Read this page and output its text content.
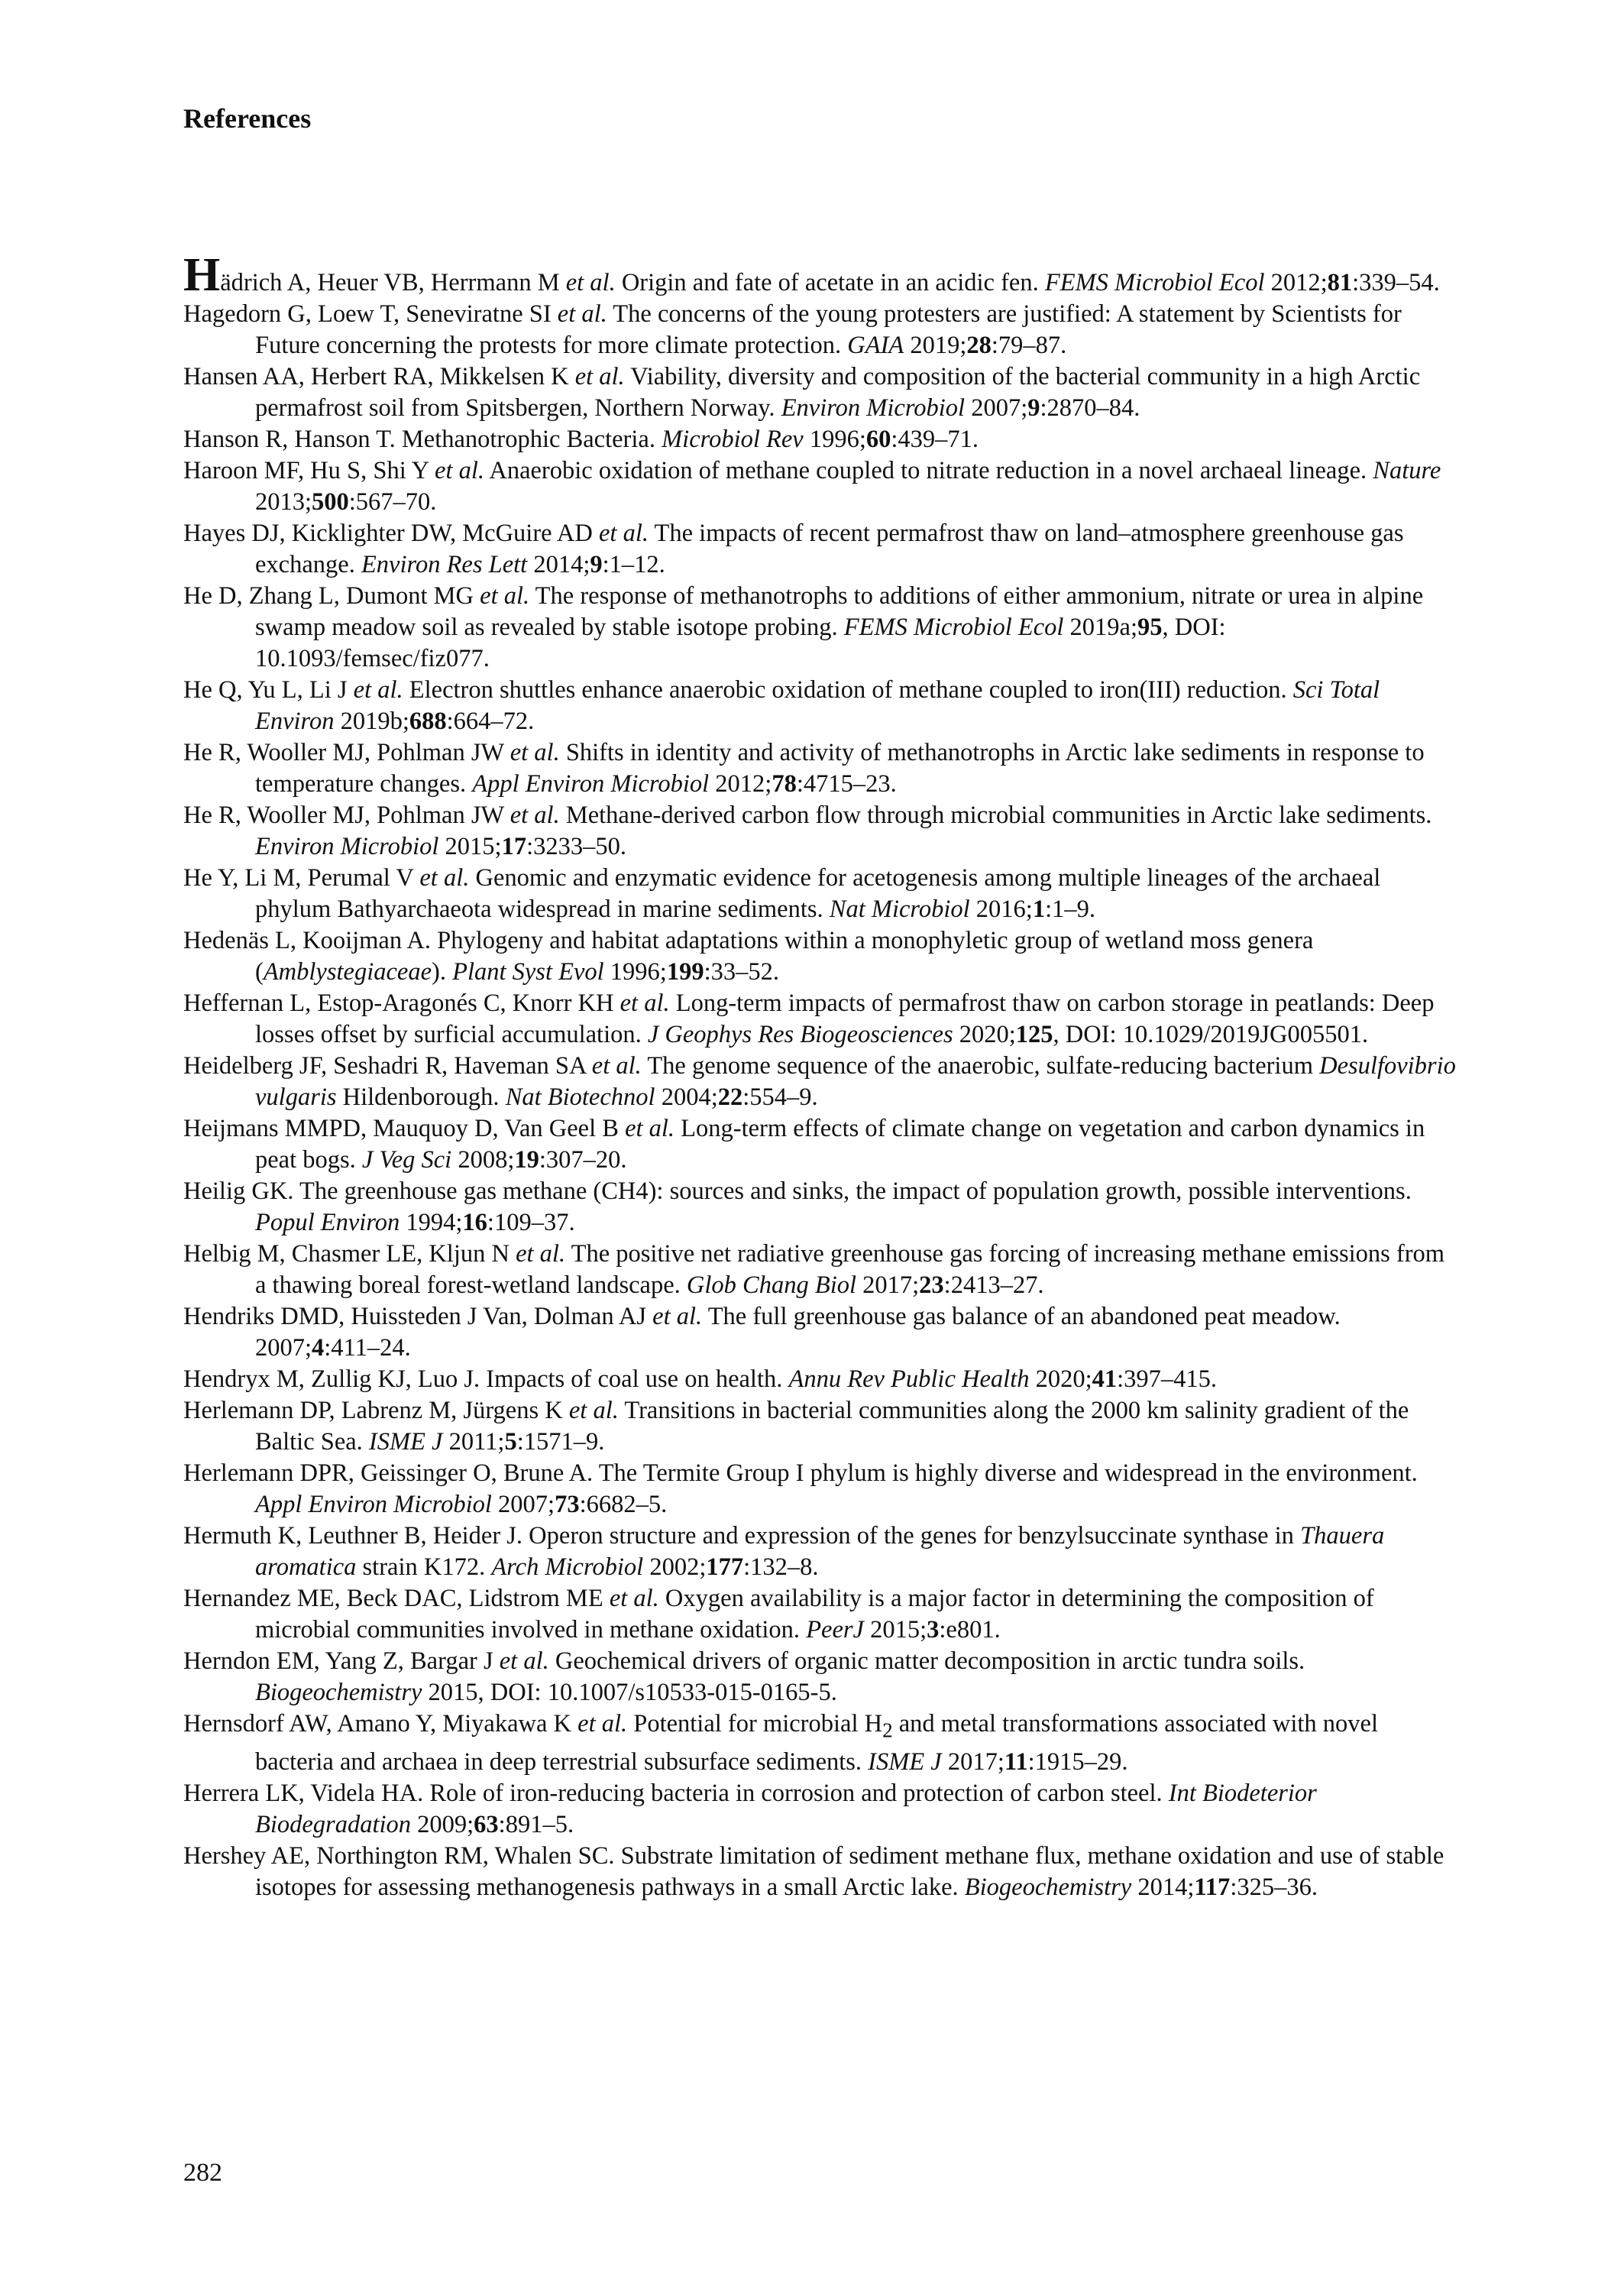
References

Hädrich A, Heuer VB, Herrmann M et al. Origin and fate of acetate in an acidic fen. FEMS Microbiol Ecol 2012;81:339–54.

Hagedorn G, Loew T, Seneviratne SI et al. The concerns of the young protesters are justified: A statement by Scientists for Future concerning the protests for more climate protection. GAIA 2019;28:79–87.

Hansen AA, Herbert RA, Mikkelsen K et al. Viability, diversity and composition of the bacterial community in a high Arctic permafrost soil from Spitsbergen, Northern Norway. Environ Microbiol 2007;9:2870–84.

Hanson R, Hanson T. Methanotrophic Bacteria. Microbiol Rev 1996;60:439–71.

Haroon MF, Hu S, Shi Y et al. Anaerobic oxidation of methane coupled to nitrate reduction in a novel archaeal lineage. Nature 2013;500:567–70.

Hayes DJ, Kicklighter DW, McGuire AD et al. The impacts of recent permafrost thaw on land–atmosphere greenhouse gas exchange. Environ Res Lett 2014;9:1–12.

He D, Zhang L, Dumont MG et al. The response of methanotrophs to additions of either ammonium, nitrate or urea in alpine swamp meadow soil as revealed by stable isotope probing. FEMS Microbiol Ecol 2019a;95, DOI: 10.1093/femsec/fiz077.

He Q, Yu L, Li J et al. Electron shuttles enhance anaerobic oxidation of methane coupled to iron(III) reduction. Sci Total Environ 2019b;688:664–72.

He R, Wooller MJ, Pohlman JW et al. Shifts in identity and activity of methanotrophs in Arctic lake sediments in response to temperature changes. Appl Environ Microbiol 2012;78:4715–23.

He R, Wooller MJ, Pohlman JW et al. Methane-derived carbon flow through microbial communities in Arctic lake sediments. Environ Microbiol 2015;17:3233–50.

He Y, Li M, Perumal V et al. Genomic and enzymatic evidence for acetogenesis among multiple lineages of the archaeal phylum Bathyarchaeota widespread in marine sediments. Nat Microbiol 2016;1:1–9.

Hedenäs L, Kooijman A. Phylogeny and habitat adaptations within a monophyletic group of wetland moss genera (Amblystegiaceae). Plant Syst Evol 1996;199:33–52.

Heffernan L, Estop-Aragonés C, Knorr KH et al. Long-term impacts of permafrost thaw on carbon storage in peatlands: Deep losses offset by surficial accumulation. J Geophys Res Biogeosciences 2020;125, DOI: 10.1029/2019JG005501.

Heidelberg JF, Seshadri R, Haveman SA et al. The genome sequence of the anaerobic, sulfate-reducing bacterium Desulfovibrio vulgaris Hildenborough. Nat Biotechnol 2004;22:554–9.

Heijmans MMPD, Mauquoy D, Van Geel B et al. Long-term effects of climate change on vegetation and carbon dynamics in peat bogs. J Veg Sci 2008;19:307–20.

Heilig GK. The greenhouse gas methane (CH4): sources and sinks, the impact of population growth, possible interventions. Popul Environ 1994;16:109–37.

Helbig M, Chasmer LE, Kljun N et al. The positive net radiative greenhouse gas forcing of increasing methane emissions from a thawing boreal forest-wetland landscape. Glob Chang Biol 2017;23:2413–27.

Hendriks DMD, Huissteden J Van, Dolman AJ et al. The full greenhouse gas balance of an abandoned peat meadow. 2007;4:411–24.

Hendryx M, Zullig KJ, Luo J. Impacts of coal use on health. Annu Rev Public Health 2020;41:397–415.

Herlemann DP, Labrenz M, Jürgens K et al. Transitions in bacterial communities along the 2000 km salinity gradient of the Baltic Sea. ISME J 2011;5:1571–9.

Herlemann DPR, Geissinger O, Brune A. The Termite Group I phylum is highly diverse and widespread in the environment. Appl Environ Microbiol 2007;73:6682–5.

Hermuth K, Leuthner B, Heider J. Operon structure and expression of the genes for benzylsuccinate synthase in Thauera aromatica strain K172. Arch Microbiol 2002;177:132–8.

Hernandez ME, Beck DAC, Lidstrom ME et al. Oxygen availability is a major factor in determining the composition of microbial communities involved in methane oxidation. PeerJ 2015;3:e801.

Herndon EM, Yang Z, Bargar J et al. Geochemical drivers of organic matter decomposition in arctic tundra soils. Biogeochemistry 2015, DOI: 10.1007/s10533-015-0165-5.

Hernsdorf AW, Amano Y, Miyakawa K et al. Potential for microbial $H_2$ and metal transformations associated with novel bacteria and archaea in deep terrestrial subsurface sediments. ISME J 2017;11:1915–29.

Herrera LK, Videla HA. Role of iron-reducing bacteria in corrosion and protection of carbon steel. Int Biodeterior Biodegradation 2009;63:891–5.

Hershey AE, Northington RM, Whalen SC. Substrate limitation of sediment methane flux, methane oxidation and use of stable isotopes for assessing methanogenesis pathways in a small Arctic lake. Biogeochemistry 2014;117:325–36.

282
